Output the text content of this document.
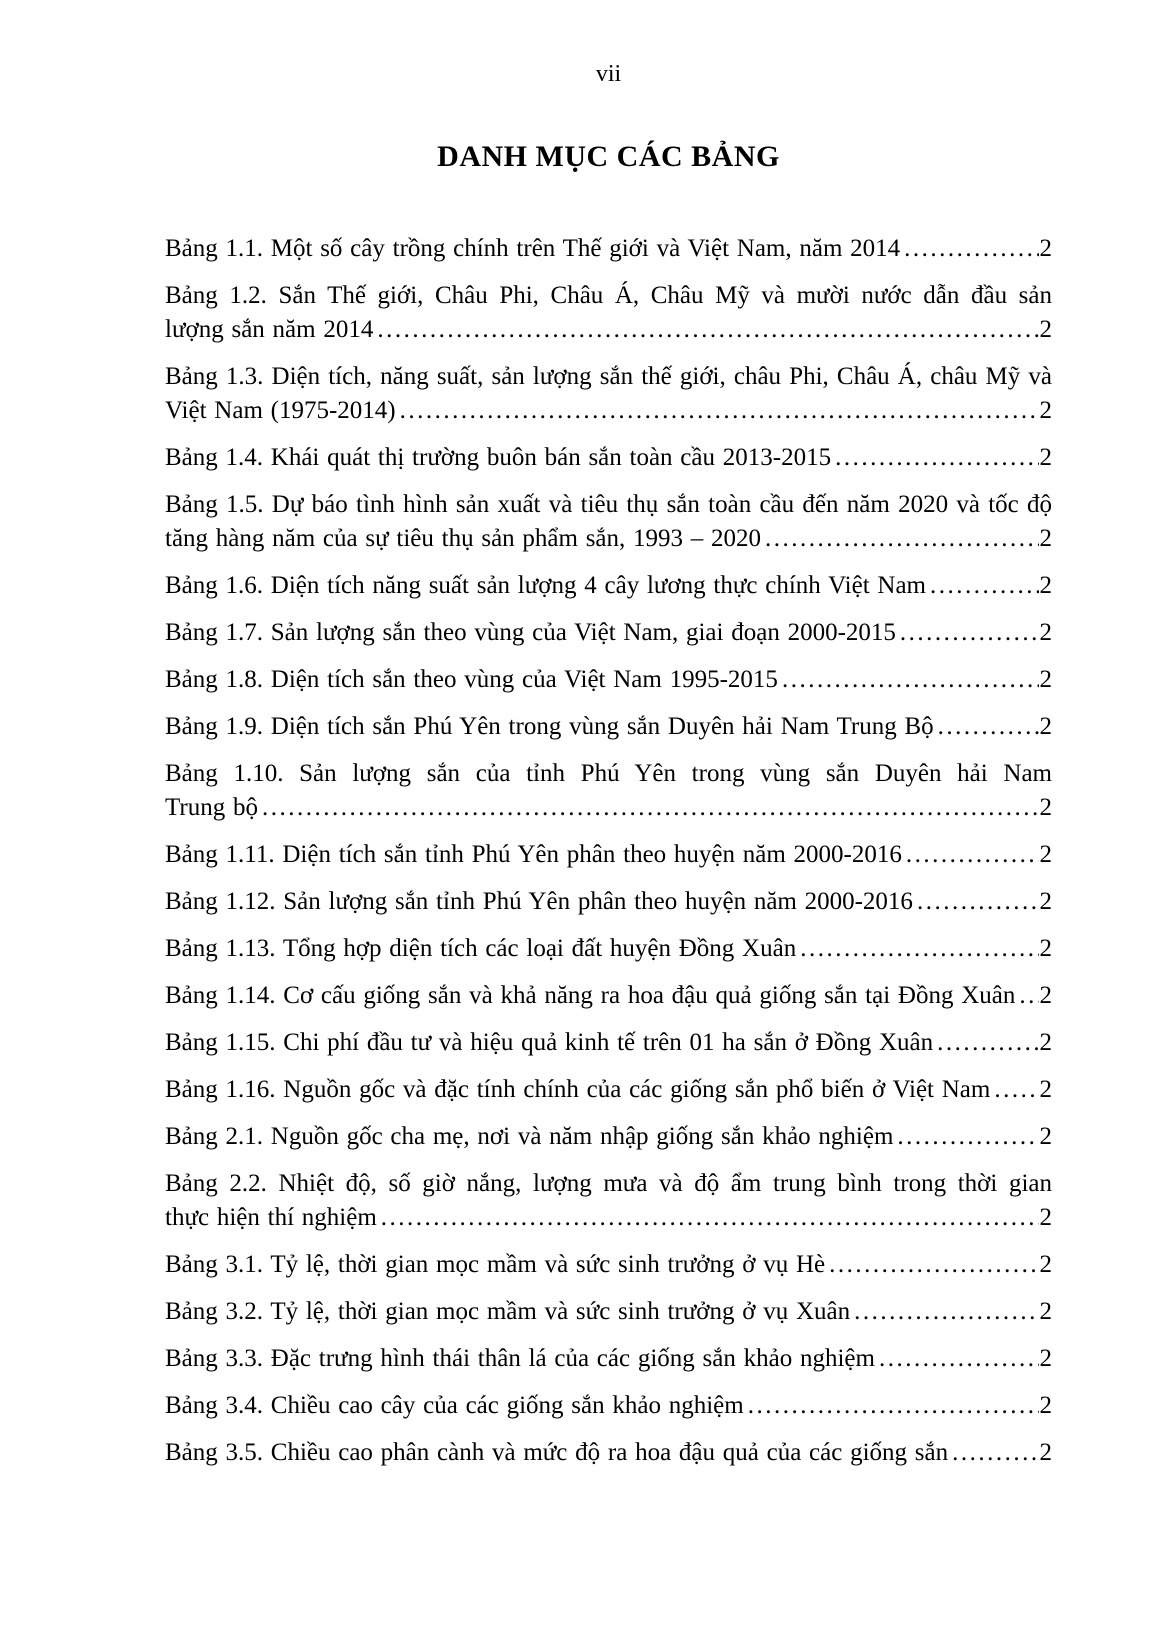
vii
DANH MỤC CÁC BẢNG
Bảng 1.1. Một số cây trồng chính trên Thế giới và Việt Nam, năm 2014 .....	2
Bảng 1.2. Sắn Thế giới, Châu Phi, Châu Á, Châu Mỹ và mười nước dẫn đầu sản
lượng sắn năm 2014 .....	2
Bảng 1.3. Diện tích, năng suất, sản lượng sắn thế giới, châu Phi, Châu Á, châu Mỹ và
Việt Nam (1975-2014) .....	2
Bảng 1.4. Khái quát thị trường buôn bán sắn toàn cầu 2013-2015 .....	2
Bảng 1.5. Dự báo tình hình sản xuất và tiêu thụ sắn toàn cầu đến năm 2020 và tốc độ
tăng hàng năm của sự tiêu thụ sản phẩm sắn, 1993 – 2020 .....	2
Bảng 1.6. Diện tích năng suất sản lượng 4 cây lương thực chính Việt Nam .....	2
Bảng 1.7. Sản lượng sắn theo vùng của Việt Nam, giai đoạn 2000-2015 .....	2
Bảng 1.8. Diện tích sắn theo vùng của Việt Nam 1995-2015 .....	2
Bảng 1.9. Diện tích sắn Phú Yên trong vùng sắn Duyên hải Nam Trung Bộ .....	2
Bảng 1.10. Sản lượng sắn của tỉnh Phú Yên trong vùng sắn Duyên hải Nam
Trung bộ .....	2
Bảng 1.11. Diện tích sắn tỉnh Phú Yên phân theo huyện năm 2000-2016 .....	2
Bảng 1.12. Sản lượng sắn tỉnh Phú Yên phân theo huyện năm 2000-2016 .....	2
Bảng 1.13. Tổng hợp diện tích các loại đất huyện Đồng Xuân .....	2
Bảng 1.14. Cơ cấu giống sắn và khả năng ra hoa đậu quả giống sắn tại Đồng Xuân ..... 2
Bảng 1.15. Chi phí đầu tư và hiệu quả kinh tế trên 01 ha sắn ở Đồng Xuân .....	2
Bảng 1.16. Nguồn gốc và đặc tính chính của các giống sắn phổ biến ở Việt Nam ..... 2
Bảng 2.1. Nguồn gốc cha mẹ, nơi và năm nhập giống sắn khảo nghiệm .....	2
Bảng 2.2. Nhiệt độ, số giờ nắng, lượng mưa và độ ẩm trung bình trong thời gian
thực hiện thí nghiệm .....	2
Bảng 3.1. Tỷ lệ, thời gian mọc mầm và sức sinh trưởng ở vụ Hè .....	2
Bảng 3.2. Tỷ lệ, thời gian mọc mầm và sức sinh trưởng ở vụ Xuân .....	2
Bảng 3.3. Đặc trưng hình thái thân lá của các giống sắn khảo nghiệm .....	2
Bảng 3.4. Chiều cao cây của các giống sắn khảo nghiệm .....	2
Bảng 3.5. Chiều cao phân cành và mức độ ra hoa đậu quả của các giống sắn .....	2
